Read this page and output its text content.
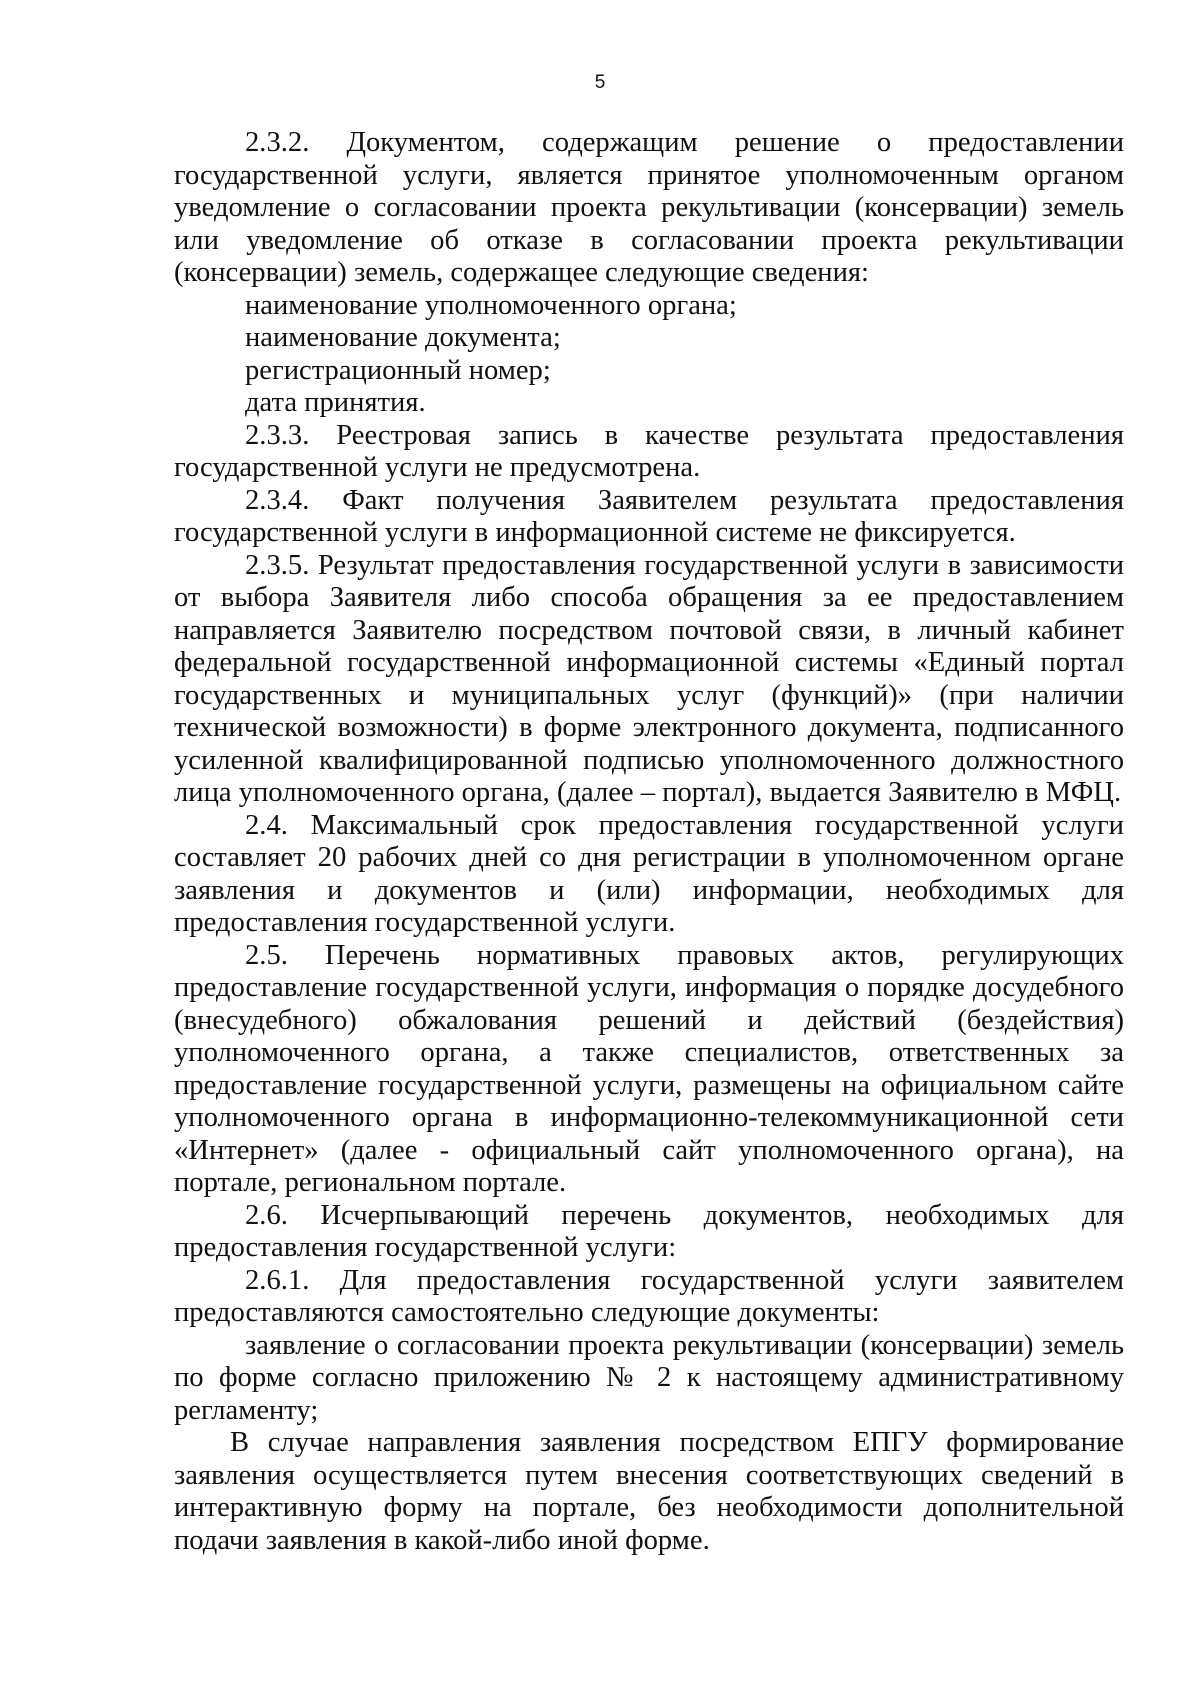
5

2.3.2. Документом, содержащим решение о предоставлении государственной услуги, является принятое уполномоченным органом уведомление о согласовании проекта рекультивации (консервации) земель или уведомление об отказе в согласовании проекта рекультивации (консервации) земель, содержащее следующие сведения:

наименование уполномоченного органа;

наименование документа;

регистрационный номер;

дата принятия.

2.3.3. Реестровая запись в качестве результата предоставления государственной услуги не предусмотрена.

2.3.4. Факт получения Заявителем результата предоставления государственной услуги в информационной системе не фиксируется.

2.3.5. Результат предоставления государственной услуги в зависимости от выбора Заявителя либо способа обращения за ее предоставлением направляется Заявителю посредством почтовой связи, в личный кабинет федеральной государственной информационной системы «Единый портал государственных и муниципальных услуг (функций)» (при наличии технической возможности) в форме электронного документа, подписанного усиленной квалифицированной подписью уполномоченного должностного лица уполномоченного органа, (далее – портал), выдается Заявителю в МФЦ.

2.4. Максимальный срок предоставления государственной услуги составляет 20 рабочих дней со дня регистрации в уполномоченном органе заявления и документов и (или) информации, необходимых для предоставления государственной услуги.

2.5. Перечень нормативных правовых актов, регулирующих предоставление государственной услуги, информация о порядке досудебного (внесудебного) обжалования решений и действий (бездействия) уполномоченного органа, а также специалистов, ответственных за предоставление государственной услуги, размещены на официальном сайте уполномоченного органа в информационно-телекоммуникационной сети «Интернет» (далее - официальный сайт уполномоченного органа), на портале, региональном портале.

2.6. Исчерпывающий перечень документов, необходимых для предоставления государственной услуги:

2.6.1. Для предоставления государственной услуги заявителем предоставляются самостоятельно следующие документы:

заявление о согласовании проекта рекультивации (консервации) земель по форме согласно приложению № 2 к настоящему административному регламенту;

В случае направления заявления посредством ЕПГУ формирование заявления осуществляется путем внесения соответствующих сведений в интерактивную форму на портале, без необходимости дополнительной подачи заявления в какой-либо иной форме.
